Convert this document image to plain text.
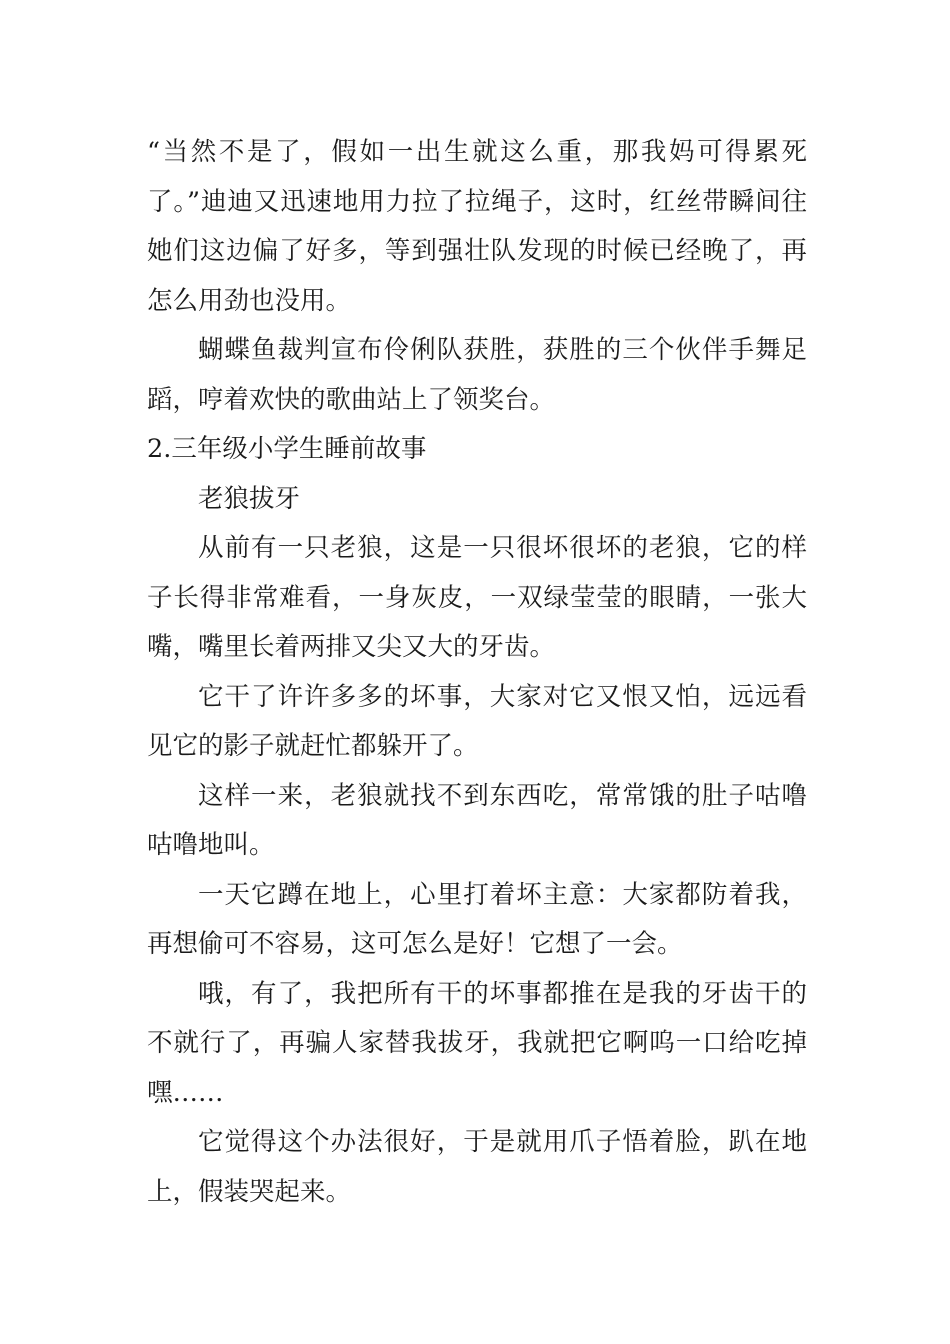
“当然不是了，假如一出生就这么重，那我妈可得累死了。”迪迪又迅速地用力拉了拉绳子，这时，红丝带瞬间往她们这边偏了好多，等到强壮队发现的时候已经晚了，再怎么用劲也没用。

蝴蝶鱼裁判宣布伶俐队获胜，获胜的三个伙伴手舞足蹈，哼着欢快的歌曲站上了领奖台。

2.三年级小学生睡前故事

老狼拔牙

从前有一只老狼，这是一只很坏很坏的老狼，它的样子长得非常难看，一身灰皮，一双绿莹莹的眼睛，一张大嘴，嘴里长着两排又尖又大的牙齿。

它干了许许多多的坏事，大家对它又恨又怕，远远看见它的影子就赶忙都躲开了。

这样一来，老狼就找不到东西吃，常常饿的肚子咕噜咕噜地叫。

一天它蹲在地上，心里打着坏主意：大家都防着我，再想偷可不容易，这可怎么是好！它想了一会。

哦，有了，我把所有干的坏事都推在是我的牙齿干的不就行了，再骗人家替我拔牙，我就把它啊呜一口给吃掉嘿……

它觉得这个办法很好，于是就用爪子悟着脸，趴在地上，假装哭起来。
